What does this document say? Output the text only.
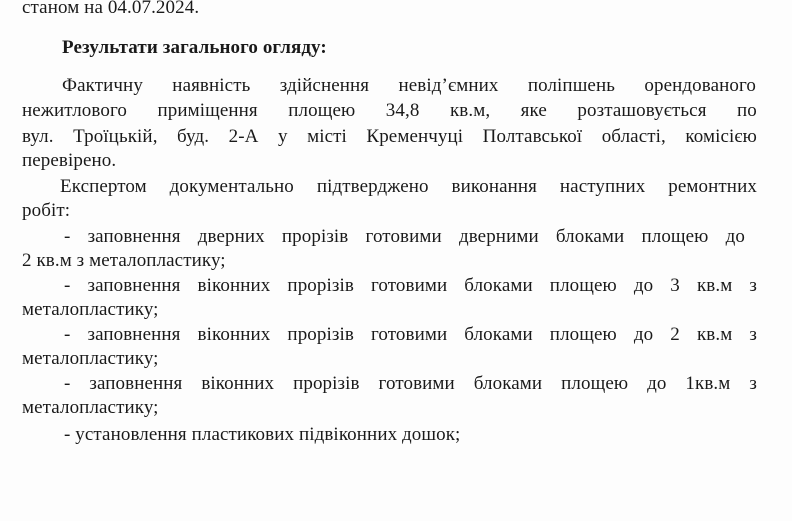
станом на 04.07.2024.
Результати загального огляду:
Фактичну наявність здійснення невід’ємних поліпшень орендованого
нежитлового приміщення площею 34,8 кв.м, яке розташовується по
вул. Троїцькій, буд. 2-А у місті Кременчуці Полтавської області, комісією
перевірено.
Експертом документально підтверджено виконання наступних ремонтних
робіт:
- заповнення дверних прорізів готовими дверними блоками площею до
2 кв.м з металопластику;
- заповнення віконних прорізів готовими блоками площею до 3 кв.м з
металопластику;
- заповнення віконних прорізів готовими блоками площею до 2 кв.м з
металопластику;
- заповнення віконних прорізів готовими блоками площею до 1кв.м з
металопластику;
- установлення пластикових підвіконних дошок;
